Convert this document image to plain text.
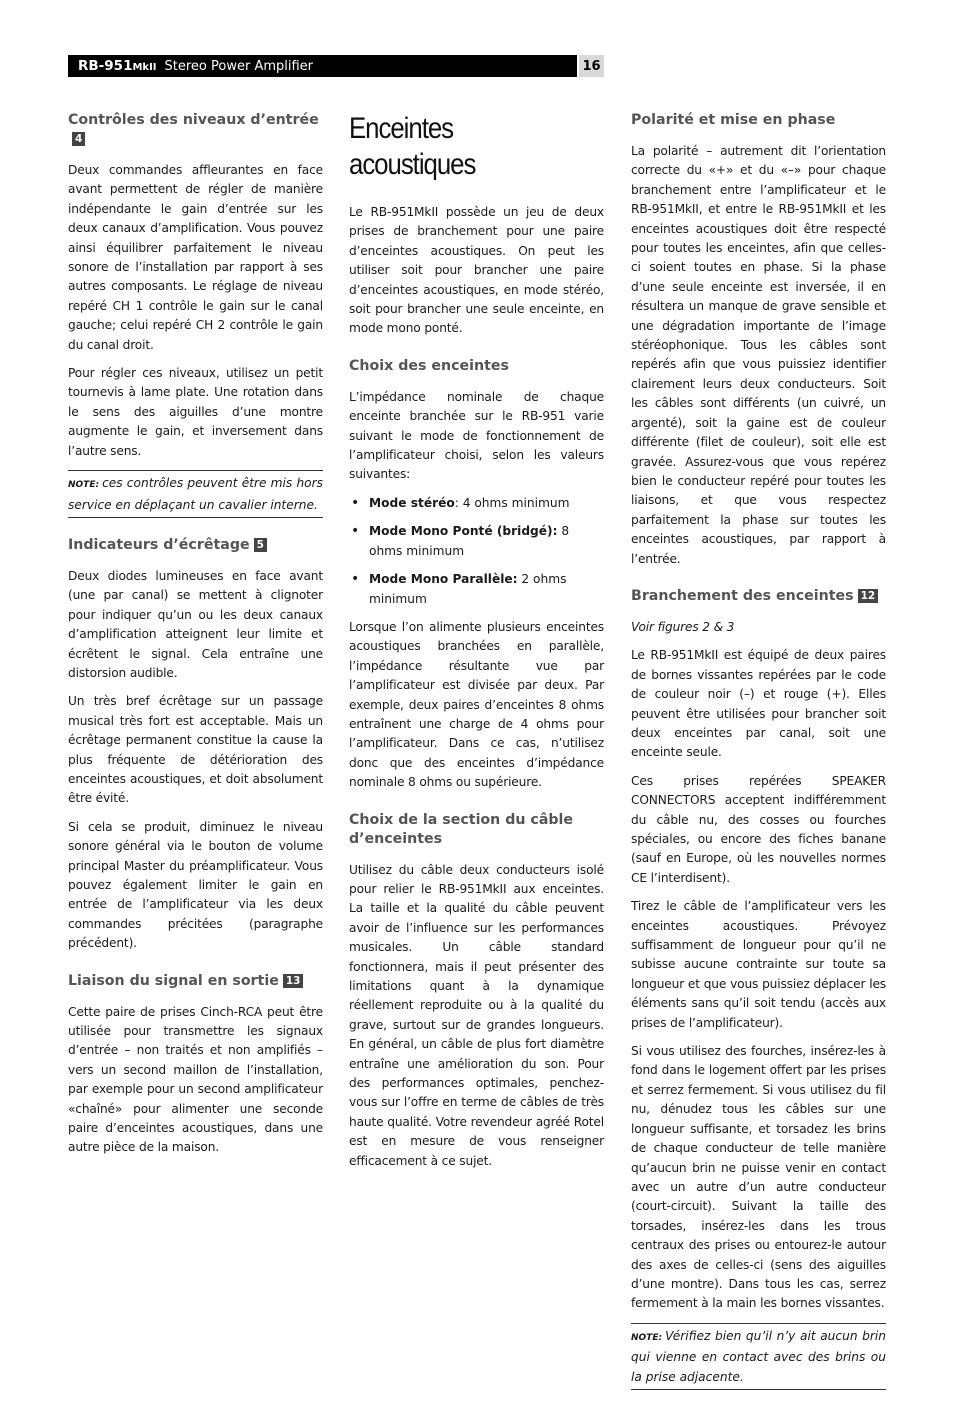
RB-951MkII Stereo Power Amplifier	16
Contrôles des niveaux d’entrée4

Deux commandes affleurantes en face avant permettent de régler de manière indépendante le gain d’entrée sur les deux canaux d’amplification. Vous pouvez ainsi équilibrer parfaitement le niveau sonore de l’installation par rapport à ses autres composants. Le réglage de niveau repéré CH 1 contrôle le gain sur le canal gauche; celui repéré CH 2 contrôle le gain du canal droit.

Pour régler ces niveaux, utilisez un petit tournevis à lame plate. Une rotation dans le sens des aiguilles d’une montre augmente le gain, et inversement dans l’autre sens.

NOTE: ces contrôles peuvent être mis hors service en déplaçant un cavalier interne.
Indicateurs d’écrêtage 5

Deux diodes lumineuses en face avant (une par canal) se mettent à clignoter pour indiquer qu’un ou les deux canaux d’amplification atteignent leur limite et écrêtent le signal. Cela entraîne une distorsion audible.

Un très bref écrêtage sur un passage musical très fort est acceptable. Mais un écrêtage permanent constitue la cause la plus fréquente de détérioration des enceintes acoustiques, et doit absolument être évité.

Si cela se produit, diminuez le niveau sonore général via le bouton de volume principal Master du préamplificateur. Vous pouvez également limiter le gain en entrée de l’amplificateur via les deux commandes précitées (paragraphe précédent).

Liaison du signal en sortie 13

Cette paire de prises Cinch-RCA peut être utilisée pour transmettre les signaux d’entrée – non traités et non amplifiés – vers un second maillon de l’installation, par exemple pour un second amplificateur «chaîné» pour alimenter une seconde paire d’enceintes acoustiques, dans une autre pièce de la maison.

Enceintes acoustiques

Le RB-951MkII possède un jeu de deux prises de branchement pour une paire d’enceintes acoustiques. On peut les utiliser soit pour brancher une paire d’enceintes acoustiques, en mode stéréo, soit pour brancher une seule enceinte, en mode mono ponté.

Choix des enceintes

L’impédance nominale de chaque enceinte branchée sur le RB-951 varie suivant le mode de fonctionnement de l’amplificateur choisi, selon les valeurs suivantes:

• Mode stéréo: 4 ohms minimum
• Mode Mono Ponté (bridgé): 8 ohms minimum
• Mode Mono Parallèle: 2 ohms minimum

Lorsque l’on alimente plusieurs enceintes acoustiques branchées en parallèle, l’impédance résultante vue par l’amplificateur est divisée par deux. Par exemple, deux paires d’enceintes 8 ohms entraînent une charge de 4 ohms pour l’amplificateur. Dans ce cas, n’utilisez donc que des enceintes d’impédance nominale 8 ohms ou supérieure.

Choix de la section du câble d’enceintes

Utilisez du câble deux conducteurs isolé pour relier le RB-951MkII aux enceintes. La taille et la qualité du câble peuvent avoir de l’influence sur les performances musicales. Un câble standard fonctionnera, mais il peut présenter des limitations quant à la dynamique réellement reproduite ou à la qualité du grave, surtout sur de grandes longueurs. En général, un câble de plus fort diamètre entraîne une amélioration du son. Pour des performances optimales, penchez-vous sur l’offre en terme de câbles de très haute qualité. Votre revendeur agréé Rotel est en mesure de vous renseigner efficacement à ce sujet.

Polarité et mise en phase

La polarité – autrement dit l’orientation correcte du «+» et du «–» pour chaque branchement entre l’amplificateur et le RB-951MkII, et entre le RB-951MkII et les enceintes acoustiques doit être respecté pour toutes les enceintes, afin que celles-ci soient toutes en phase. Si la phase d’une seule enceinte est inversée, il en résultera un manque de grave sensible et une dégradation importante de l’image stéréophonique. Tous les câbles sont repérés afin que vous puissiez identifier clairement leurs deux conducteurs. Soit les câbles sont différents (un cuivré, un argenté), soit la gaine est de couleur différente (filet de couleur), soit elle est gravée. Assurez-vous que vous repérez bien le conducteur repéré pour toutes les liaisons, et que vous respectez parfaitement la phase sur toutes les enceintes acoustiques, par rapport à l’entrée.

Branchement des enceintes 12

Voir figures 2 & 3

Le RB-951MkII est équipé de deux paires de bornes vissantes repérées par le code de couleur noir (–) et rouge (+). Elles peuvent être utilisées pour brancher soit deux enceintes par canal, soit une enceinte seule.

Ces prises repérées SPEAKER CONNECTORS acceptent indifféremment du câble nu, des cosses ou fourches spéciales, ou encore des fiches banane (sauf en Europe, où les nouvelles normes CE l’interdisent).

Tirez le câble de l’amplificateur vers les enceintes acoustiques. Prévoyez suffisamment de longueur pour qu’il ne subisse aucune contrainte sur toute sa longueur et que vous puissiez déplacer les éléments sans qu’il soit tendu (accès aux prises de l’amplificateur).

Si vous utilisez des fourches, insérez-les à fond dans le logement offert par les prises et serrez fermement. Si vous utilisez du fil nu, dénudez tous les câbles sur une longueur suffisante, et torsadez les brins de chaque conducteur de telle manière qu’aucun brin ne puisse venir en contact avec un autre d’un autre conducteur (court-circuit). Suivant la taille des torsades, insérez-les dans les trous centraux des prises ou entourez-le autour des axes de celles-ci (sens des aiguilles d’une montre). Dans tous les cas, serrez fermement à la main les bornes vissantes.

NOTE: Vérifiez bien qu’il n’y ait aucun brin qui vienne en contact avec des brins ou la prise adjacente.
